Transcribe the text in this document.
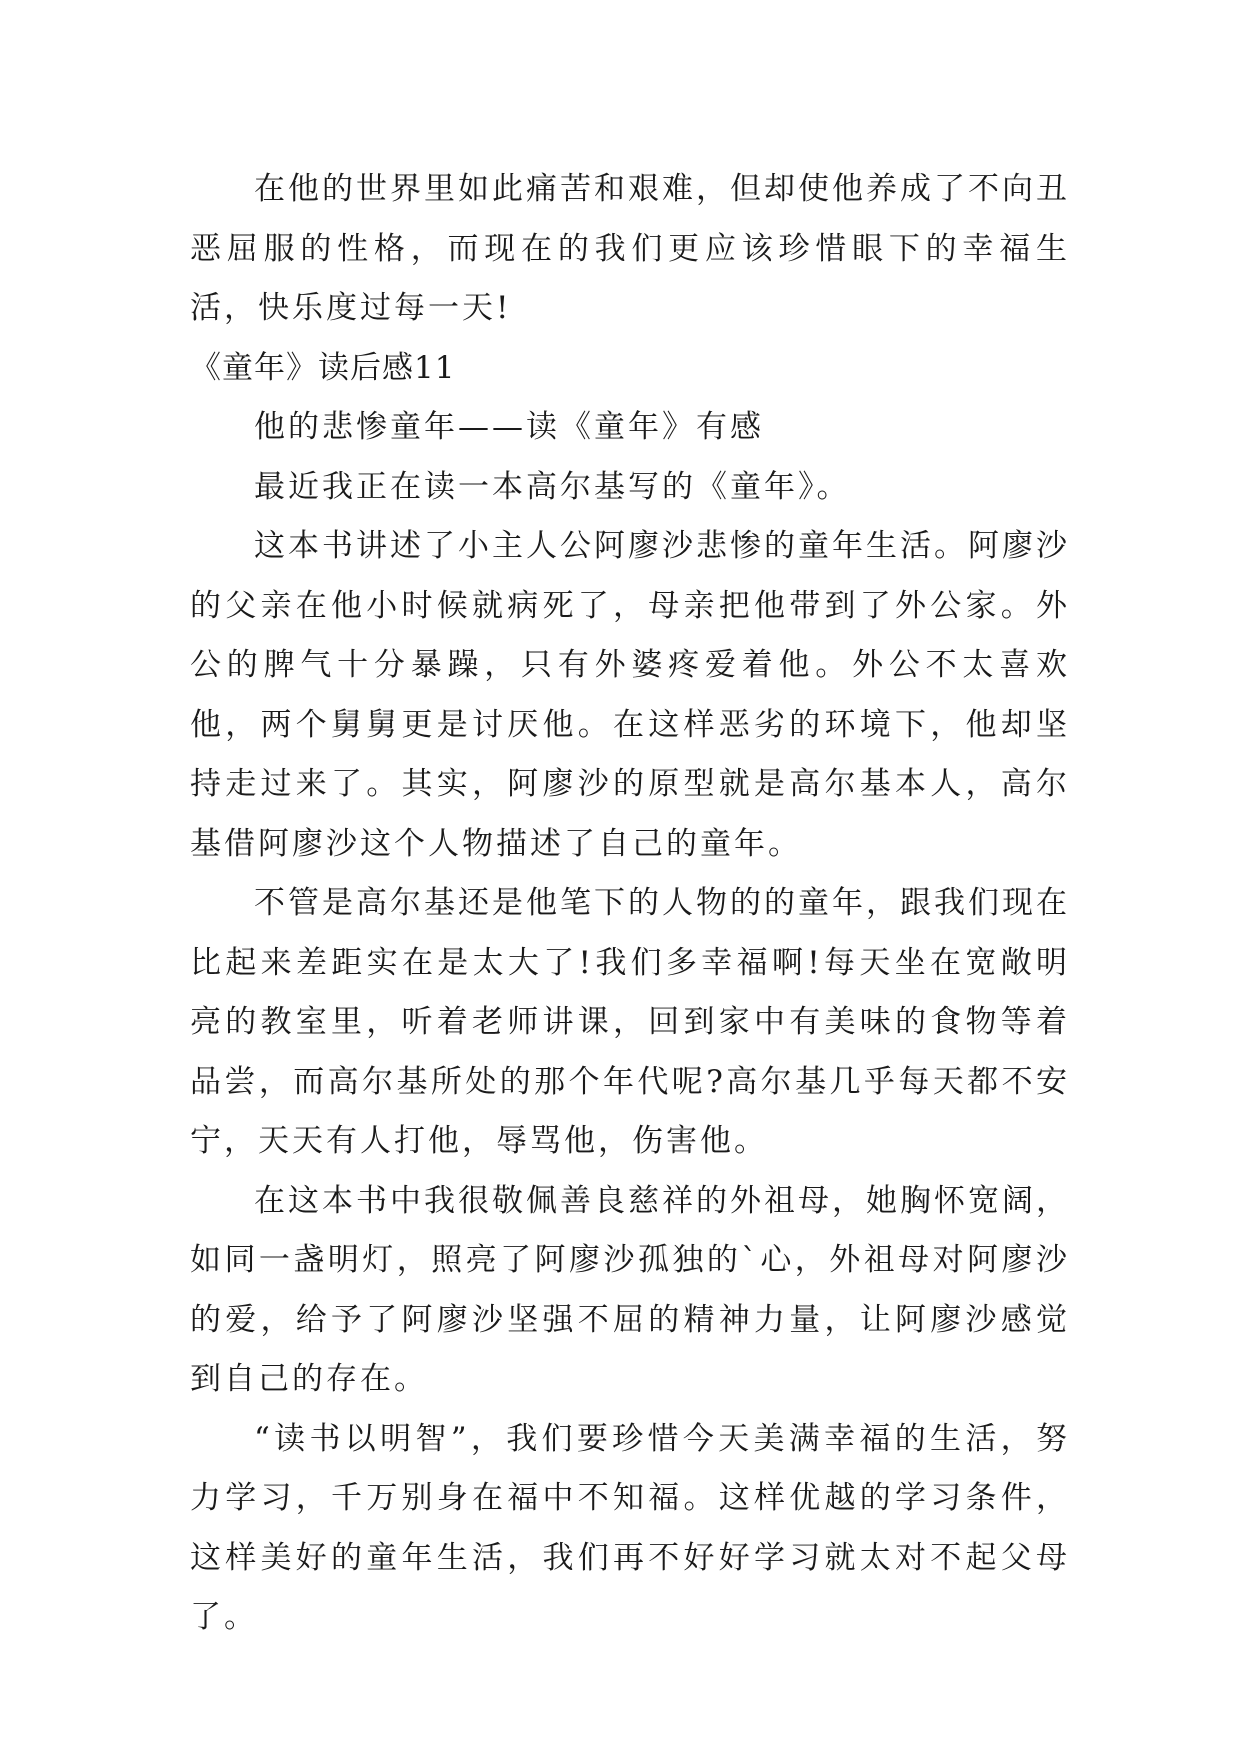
在他的世界里如此痛苦和艰难，但却使他养成了不向丑恶屈服的性格，而现在的我们更应该珍惜眼下的幸福生活，快乐度过每一天!

《童年》读后感11

他的悲惨童年——读《童年》有感

最近我正在读一本高尔基写的《童年》。

这本书讲述了小主人公阿廖沙悲惨的童年生活。阿廖沙的父亲在他小时候就病死了，母亲把他带到了外公家。外公的脾气十分暴躁，只有外婆疼爱着他。外公不太喜欢他，两个舅舅更是讨厌他。在这样恶劣的环境下，他却坚持走过来了。其实，阿廖沙的原型就是高尔基本人，高尔基借阿廖沙这个人物描述了自己的童年。

不管是高尔基还是他笔下的人物的的童年，跟我们现在比起来差距实在是太大了!我们多幸福啊!每天坐在宽敞明亮的教室里，听着老师讲课，回到家中有美味的食物等着品尝，而高尔基所处的那个年代呢?高尔基几乎每天都不安宁，天天有人打他，辱骂他，伤害他。

在这本书中我很敬佩善良慈祥的外祖母，她胸怀宽阔，如同一盏明灯，照亮了阿廖沙孤独的`心，外祖母对阿廖沙的爱，给予了阿廖沙坚强不屈的精神力量，让阿廖沙感觉到自己的存在。

“读书以明智”，我们要珍惜今天美满幸福的生活，努力学习，千万别身在福中不知福。这样优越的学习条件，这样美好的童年生活，我们再不好好学习就太对不起父母了。
